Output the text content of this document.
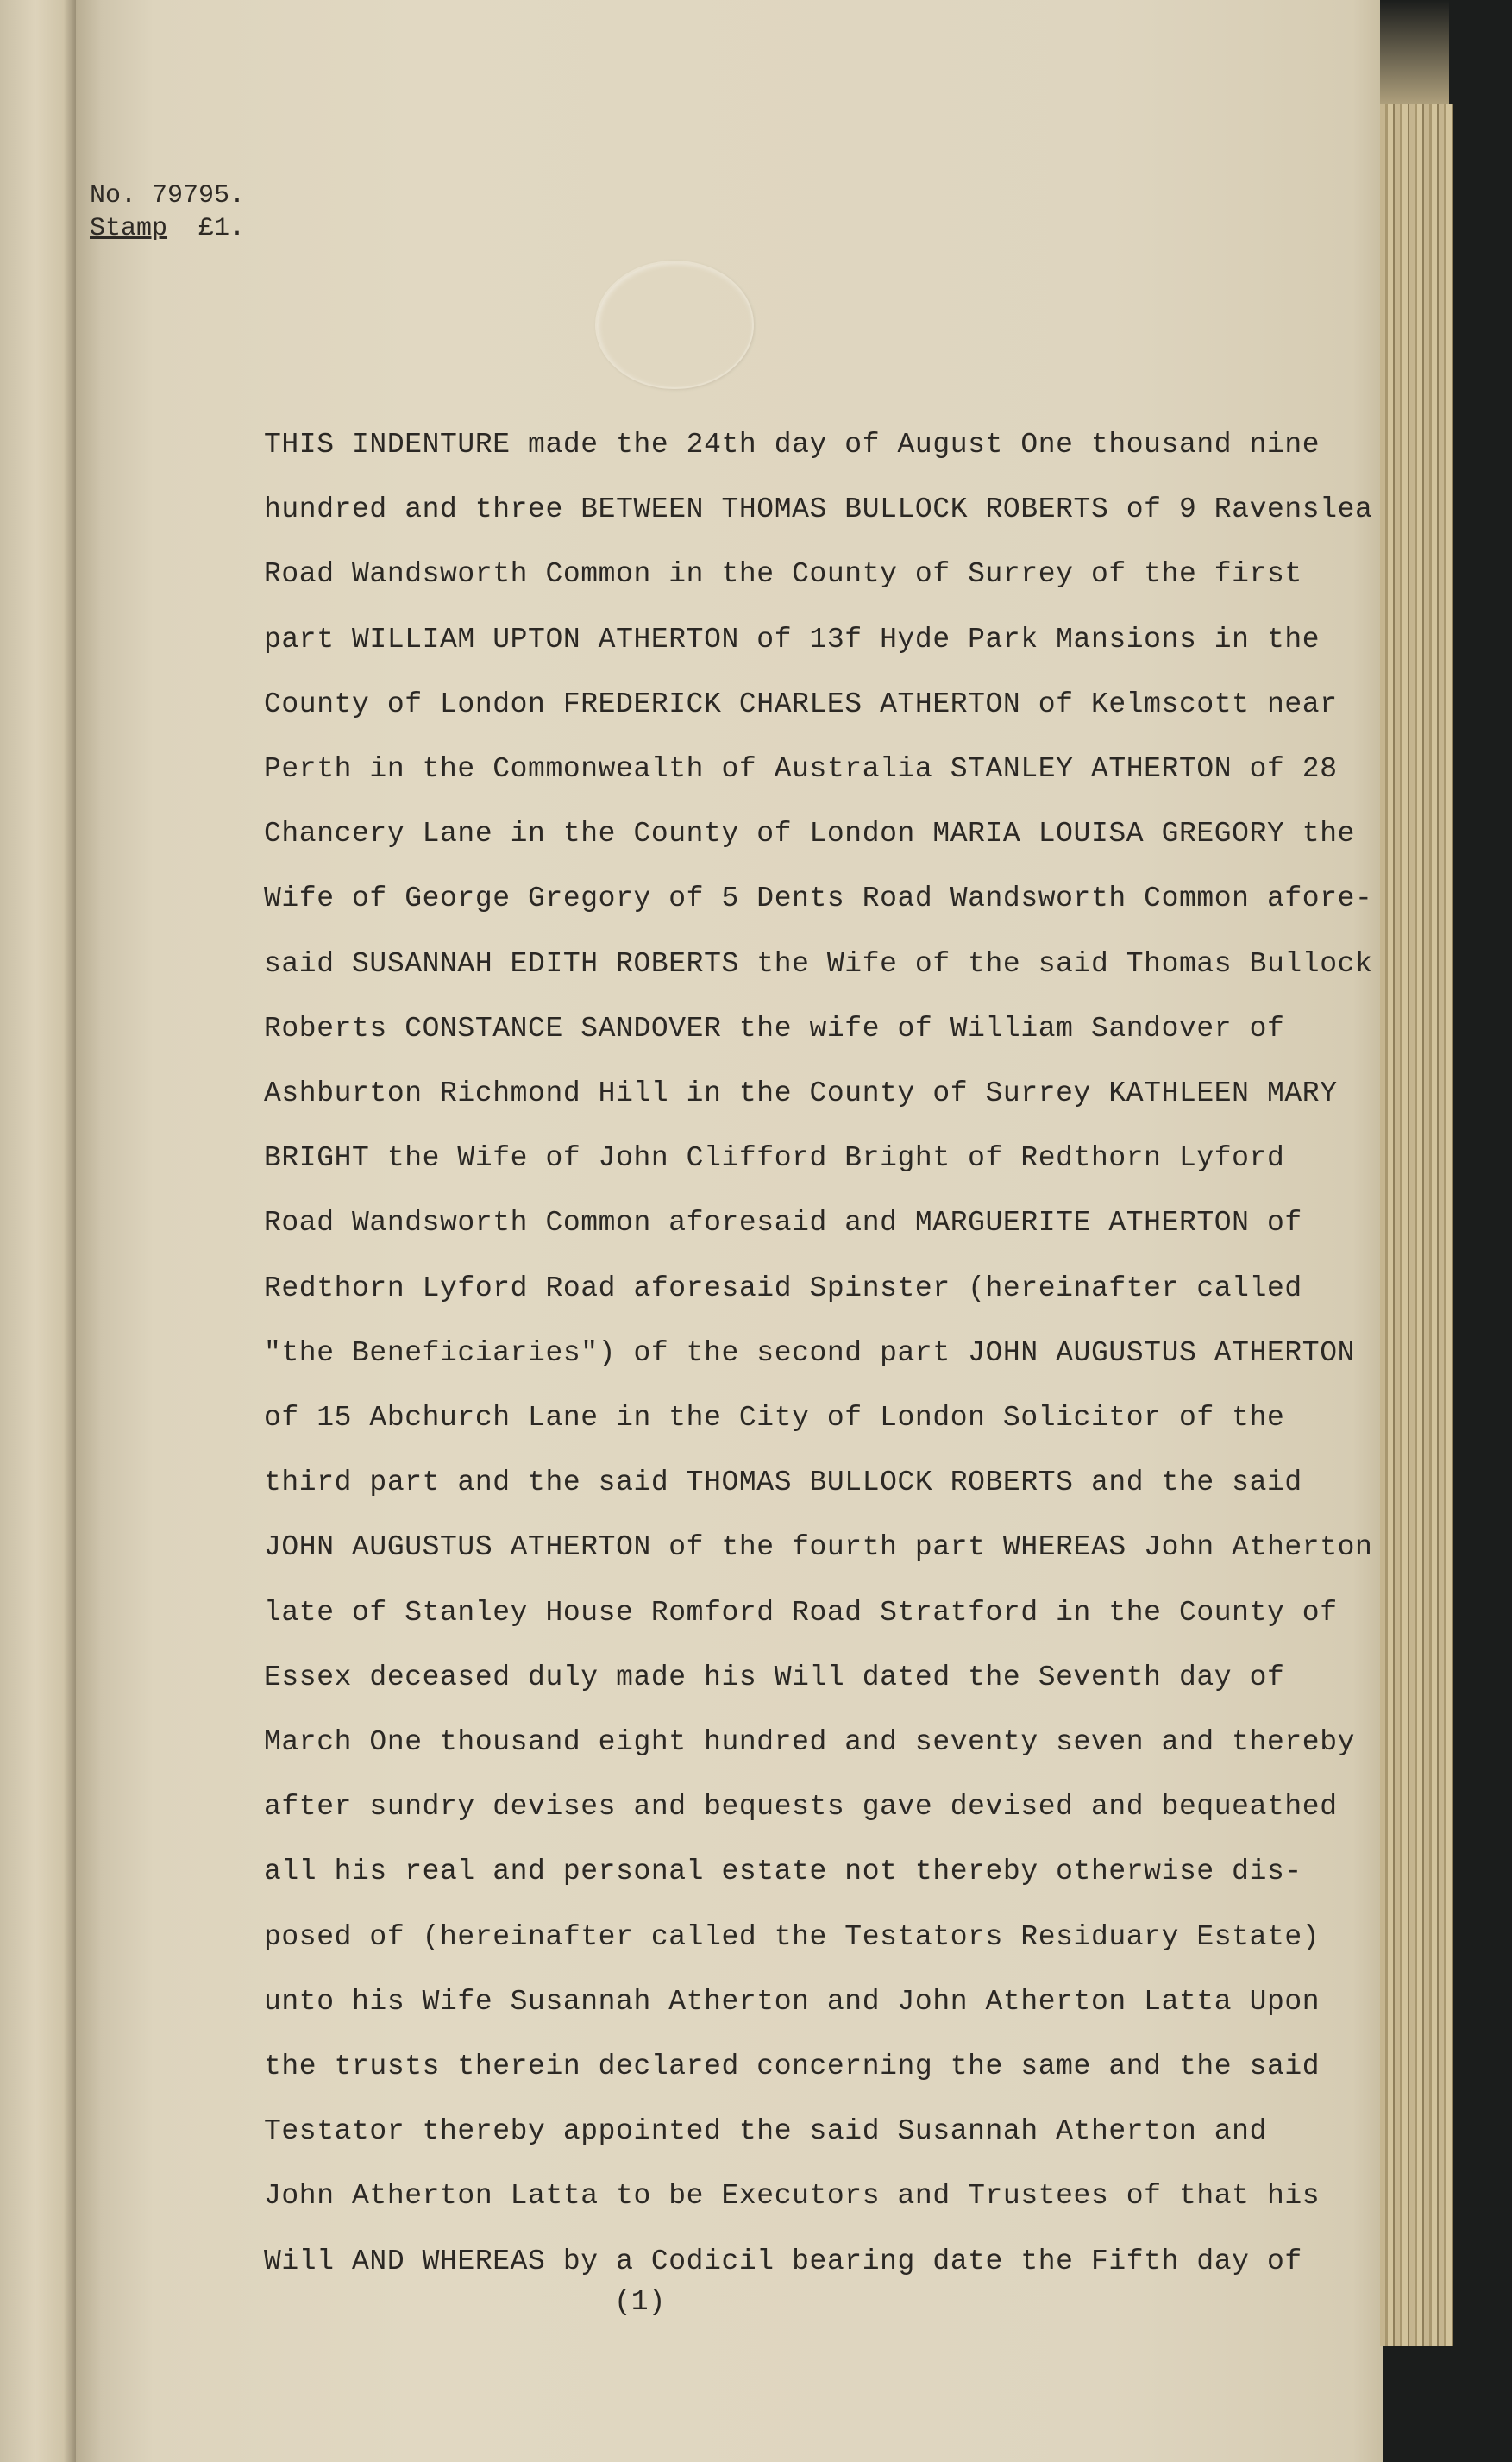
No. 79795.
Stamp £1.
THIS INDENTURE made the 24th day of August One thousand nine
hundred and three BETWEEN THOMAS BULLOCK ROBERTS of 9 Ravenslea
Road Wandsworth Common in the County of Surrey of the first
part WILLIAM UPTON ATHERTON of 13f Hyde Park Mansions in the
County of London FREDERICK CHARLES ATHERTON of Kelmscott near
Perth in the Commonwealth of Australia STANLEY ATHERTON of 28
Chancery Lane in the County of London MARIA LOUISA GREGORY the
Wife of George Gregory of 5 Dents Road Wandsworth Common afore-
said SUSANNAH EDITH ROBERTS the Wife of the said Thomas Bullock
Roberts CONSTANCE SANDOVER the wife of William Sandover of
Ashburton Richmond Hill in the County of Surrey KATHLEEN MARY
BRIGHT the Wife of John Clifford Bright of Redthorn Lyford
Road Wandsworth Common aforesaid and MARGUERITE ATHERTON of
Redthorn Lyford Road aforesaid Spinster (hereinafter called
"the Beneficiaries") of the second part JOHN AUGUSTUS ATHERTON
of 15 Abchurch Lane in the City of London Solicitor of the
third part and the said THOMAS BULLOCK ROBERTS and the said
JOHN AUGUSTUS ATHERTON of the fourth part WHEREAS John Atherton
late of Stanley House Romford Road Stratford in the County of
Essex deceased duly made his Will dated the Seventh day of
March One thousand eight hundred and seventy seven and thereby
after sundry devises and bequests gave devised and bequeathed
all his real and personal estate not thereby otherwise dis-
posed of (hereinafter called the Testators Residuary Estate)
unto his Wife Susannah Atherton and John Atherton Latta Upon
the trusts therein declared concerning the same and the said
Testator thereby appointed the said Susannah Atherton and
John Atherton Latta to be Executors and Trustees of that his
Will AND WHEREAS by a Codicil bearing date the Fifth day of
(1)
